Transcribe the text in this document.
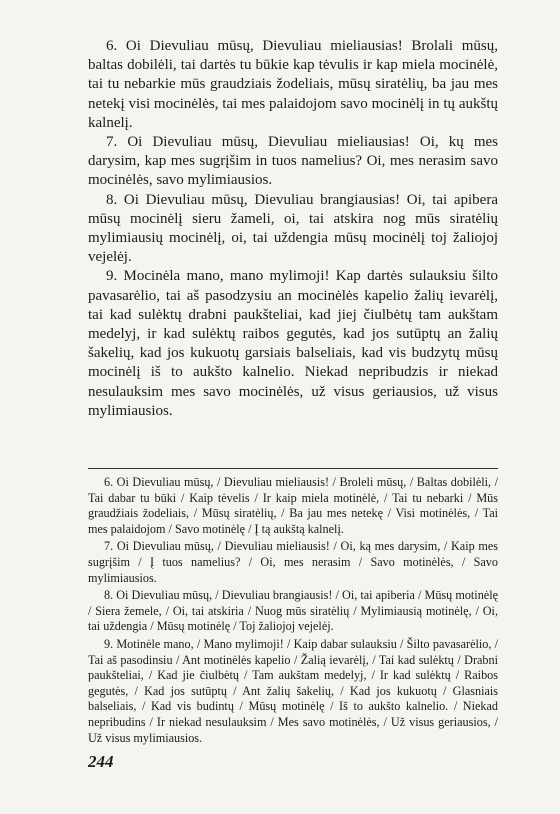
6. Oi Dievuliau mūsų, Dievuliau mieliausias! Brolali mūsų, baltas dobilėli, tai dartės tu būkie kap tėvulis ir kap miela mocinėlė, tai tu nebarkie mūs graudziais žodeliais, mūsų siratėlių, ba jau mes netekį visi mocinėlės, tai mes palaidojom savo mocinėlį in tų aukštų kalnelį.

7. Oi Dievuliau mūsų, Dievuliau mieliausias! Oi, kų mes darysim, kap mes sugrįšim in tuos namelius? Oi, mes nerasim savo mocinėlės, savo mylimiausios.

8. Oi Dievuliau mūsų, Dievuliau brangiausias! Oi, tai apibera mūsų mocinėlį sieru žameli, oi, tai atskira nog mūs siratėlių mylimiausių mocinėlį, oi, tai uždengia mūsų mocinėlį toj žaliojoj vejelėj.

9. Mocinėla mano, mano mylimoji! Kap dartės sulauksiu šilto pavasarėlio, tai aš pasodzysiu an mocinėlės kapelio žalių ievarėlį, tai kad sulėktų drabni paukšteliai, kad jiej čiulbėtų tam aukštam medelyj, ir kad sulėktų raibos gegutės, kad jos sutūptų an žalių šakelių, kad jos kukuotų garsiais balseliais, kad vis budzytų mūsų mocinėlį iš to aukšto kalnelio. Niekad nepribudzis ir niekad nesulauksim mes savo mocinėlės, už visus geriausios, už visus mylimiausios.

6. Oi Dievuliau mūsų, / Dievuliau mieliausis! / Broleli mūsų, / Baltas dobilėli, / Tai dabar tu būki / Kaip tėvelis / Ir kaip miela motinėlė, / Tai tu nebarki / Mūs graudžiais žodeliais, / Mūsų siratėlių, / Ba jau mes netekę / Visi motinėlės, / Tai mes palaidojom / Savo motinėlę / Į tą aukštą kalnelį.

7. Oi Dievuliau mūsų, / Dievuliau mieliausis! / Oi, ką mes darysim, / Kaip mes sugrįšim / Į tuos namelius? / Oi, mes nerasim / Savo motinėlės, / Savo mylimiausios.

8. Oi Dievuliau mūsų, / Dievuliau brangiausis! / Oi, tai apiberia / Mūsų motinėlę / Siera žemele, / Oi, tai atskiria / Nuog mūs siratėlių / Mylimiausią motinėlę, / Oi, tai uždengia / Mūsų motinėlę / Toj žaliojoj vejelėj.

9. Motinėle mano, / Mano mylimoji! / Kaip dabar sulauksiu / Šilto pavasarėlio, / Tai aš pasodinsiu / Ant motinėlės kapelio / Žalią ievarėlį, / Tai kad sulėktų / Drabni paukšteliai, / Kad jie čiulbėtų / Tam aukštam medelyj, / Ir kad sulėktų / Raibos gegutės, / Kad jos sutūptų / Ant žalių šakelių, / Kad jos kukuotų / Glasniais balseliais, / Kad vis budintų / Mūsų motinėlę / Iš to aukšto kalnelio. / Niekad nepribudins / Ir niekad nesulauksim / Mes savo motinėlės, / Už visus geriausios, / Už visus mylimiausios.

244
